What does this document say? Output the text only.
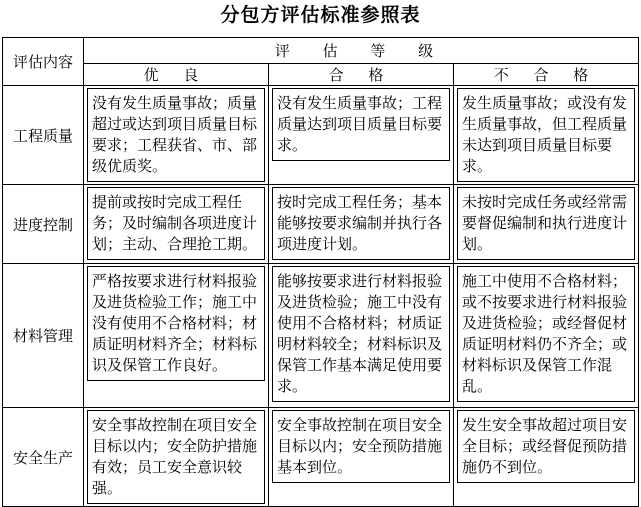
分包方评估标准参照表
评估内容	评 估 等 级		
	优 良	合 格	不 合 格
工程质量	没有发生质量事故；质量超过或达到项目质量目标要求；工程获省、市、部级优质奖。	没有发生质量事故；工程质量达到项目质量目标要求。	发生质量事故；或没有发生质量事故，但工程质量未达到项目质量目标要求。

进度控制	提前或按时完成工程任务；及时编制各项进度计划；主动、合理抢工期。	按时完成工程任务；基本能够按要求编制并执行各项进度计划。	未按时完成任务或经常需要督促编制和执行进度计划。

材料管理	严格按要求进行材料报验及进货检验工作；施工中没有使用不合格材料；材质证明材料齐全；材料标识及保管工作良好。	能够按要求进行材料报验及进货检验；施工中没有使用不合格材料；材质证明材料较全；材料标识及保管工作基本满足使用要求。	施工中使用不合格材料；或不按要求进行材料报验及进货检验；或经督促材质证明材料仍不齐全；或材料标识及保管工作混乱。

安全生产	安全事故控制在项目安全目标以内；安全防护措施有效；员工安全意识较强。	安全事故控制在项目安全目标以内；安全预防措施基本到位。	发生安全事故超过项目安全目标；或经督促预防措施仍不到位。
